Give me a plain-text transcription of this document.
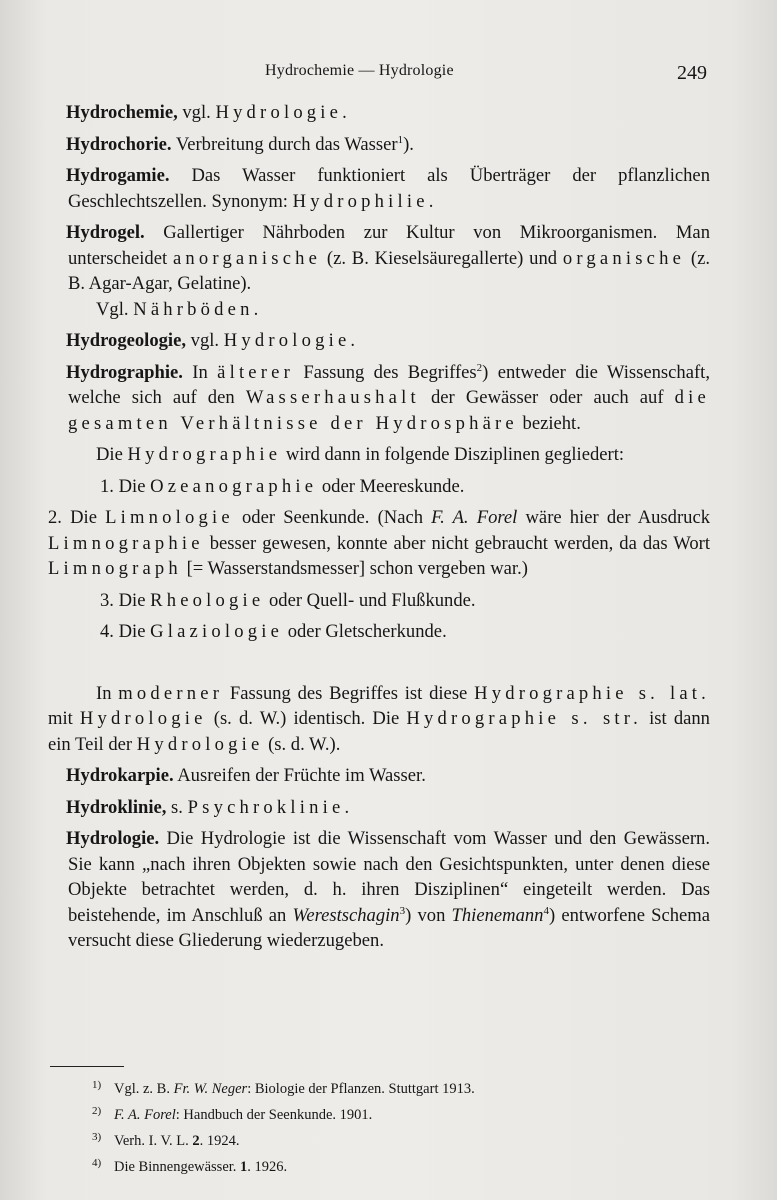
Hydrochemie — Hydrologie	249

Hydrochemie, vgl. Hydrologie.

Hydrochorie. Verbreitung durch das Wasser$^1$).

Hydrogamie. Das Wasser funktioniert als Überträger der pflanzlichen Geschlechtszellen. Synonym: Hydrophilie.

Hydrogel. Gallertiger Nährboden zur Kultur von Mikroorganismen. Man unterscheidet anorganische (z. B. Kieselsäuregallerte) und organische (z. B. Agar-Agar, Gelatine).

Vgl. Nährböden.

Hydrogeologie, vgl. Hydrologie.

Hydrographie. In älterer Fassung des Begriffes$^2$) entweder die Wissenschaft, welche sich auf den Wasserhaushalt der Gewässer oder auch auf die gesamten Verhältnisse der Hydrosphäre bezieht.

Die Hydrographie wird dann in folgende Disziplinen gegliedert:

1. Die Ozeanographie oder Meereskunde.

2. Die Limnologie oder Seenkunde. (Nach F. A. Forel wäre hier der Ausdruck Limnographie besser gewesen, konnte aber nicht gebraucht werden, da das Wort Limnograph [= Wasserstandsmesser] schon vergeben war.)

3. Die Rheologie oder Quell- und Flußkunde.

4. Die Glaziologie oder Gletscherkunde.

In moderner Fassung des Begriffes ist diese Hydrographie s. lat. mit Hydrologie (s. d. W.) identisch. Die Hydrographie s. str. ist dann ein Teil der Hydrologie (s. d. W.).

Hydrokarpie. Ausreifen der Früchte im Wasser.

Hydroklinie, s. Psychroklinie.

Hydrologie. Die Hydrologie ist die Wissenschaft vom Wasser und den Gewässern. Sie kann „nach ihren Objekten sowie nach den Gesichtspunkten, unter denen diese Objekte betrachtet werden, d. h. ihren Disziplinen“ eingeteilt werden. Das beistehende, im Anschluß an Werestschagin$^3$) von Thienemann$^4$) entworfene Schema versucht diese Gliederung wiederzugeben.

1) Vgl. z. B. Fr. W. Neger: Biologie der Pflanzen. Stuttgart 1913.

2) F. A. Forel: Handbuch der Seenkunde. 1901.

3) Verh. I. V. L. 2. 1924.

4) Die Binnengewässer. 1. 1926.
